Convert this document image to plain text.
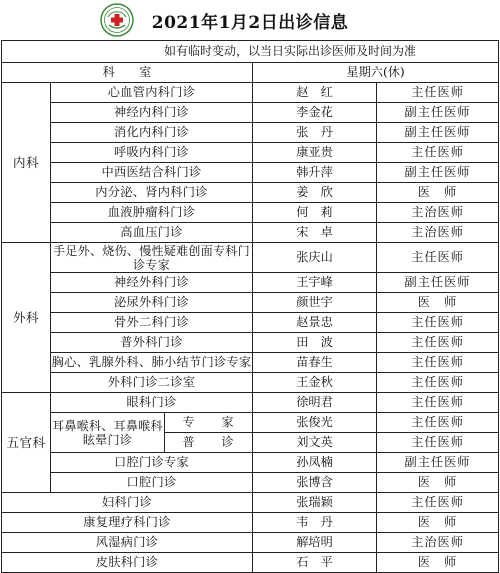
2021年1月2日出诊信息
如有临时变动，以当日实际出诊医师及时间为准				
科　　室			星期六(休)	
内科	心血管内科门诊		赵　红	主任医师
	神经内科门诊		李金花	副主任医师
	消化内科门诊		张　丹	副主任医师
	呼吸内科门诊		康亚贵	主任医师
	中西医结合科门诊		韩升萍	副主任医师
	内分泌、肾内科门诊		姜　欣	医　师
	血液肿瘤科门诊		何　莉	主治医师
	高血压门诊		宋　卓	主治医师
外科	手足外、烧伤、慢性疑难创面专科门诊专家		张庆山	主任医师
	神经外科门诊		王宇峰	副主任医师
	泌尿外科门诊		颜世宇	医　师
	骨外二科门诊		赵景忠	主任医师
	普外科门诊		田　波	主任医师
	胸心、乳腺外科、肺小结节门诊专家		苗春生	主任医师
	外科门诊二诊室		王金秋	主任医师
五官科	眼科门诊		徐明君	主任医师
	耳鼻喉科、耳鼻喉科眩晕门诊	专　　家	张俊光	主任医师
		普　　诊	刘文英	主任医师
	口腔门诊专家		孙凤楠	副主任医师
	口腔门诊		张博含	医　师
妇科门诊			张瑞颖	主任医师
康复理疗科门诊			韦　丹	医　师
风湿病门诊			解培明	主治医师
皮肤科门诊			石　平	医　师
